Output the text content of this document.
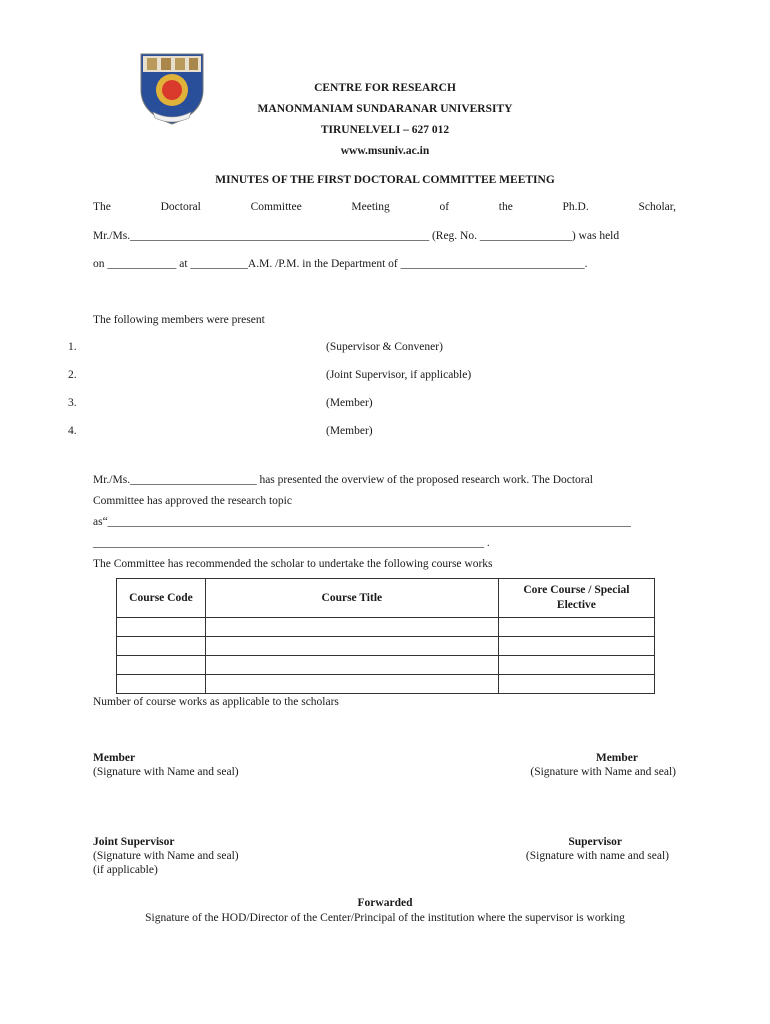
CENTRE FOR RESEARCH
MANONMANIAM SUNDARANAR UNIVERSITY
TIRUNELVELI – 627 012
www.msuniv.ac.in
MINUTES OF THE FIRST DOCTORAL COMMITTEE MEETING
The	Doctoral	Committee	Meeting	of	the	Ph.D.	Scholar,
Mr./Ms.____________________________________________________ (Reg. No. ________________) was held
on ____________ at __________A.M. /P.M. in the Department of ________________________________.
The following members were present
1.	(Supervisor & Convener)
2.	(Joint Supervisor, if applicable)
3.	(Member)
4.	(Member)
Mr./Ms.______________________ has presented the overview of the proposed research work. The Doctoral
Committee has approved the research topic
as“___________________________________________________________________________________________
____________________________________________________________________ .
The Committee has recommended the scholar to undertake the following course works
Course Code	Course Title	Core Course / Special Elective

Number of course works as applicable to the scholars
Member
(Signature with Name and seal)
Member
(Signature with Name and seal)
Joint Supervisor
(Signature with Name and seal)
(if applicable)
Supervisor
(Signature with name and seal)
Forwarded
Signature of the HOD/Director of the Center/Principal of the institution where the supervisor is working
